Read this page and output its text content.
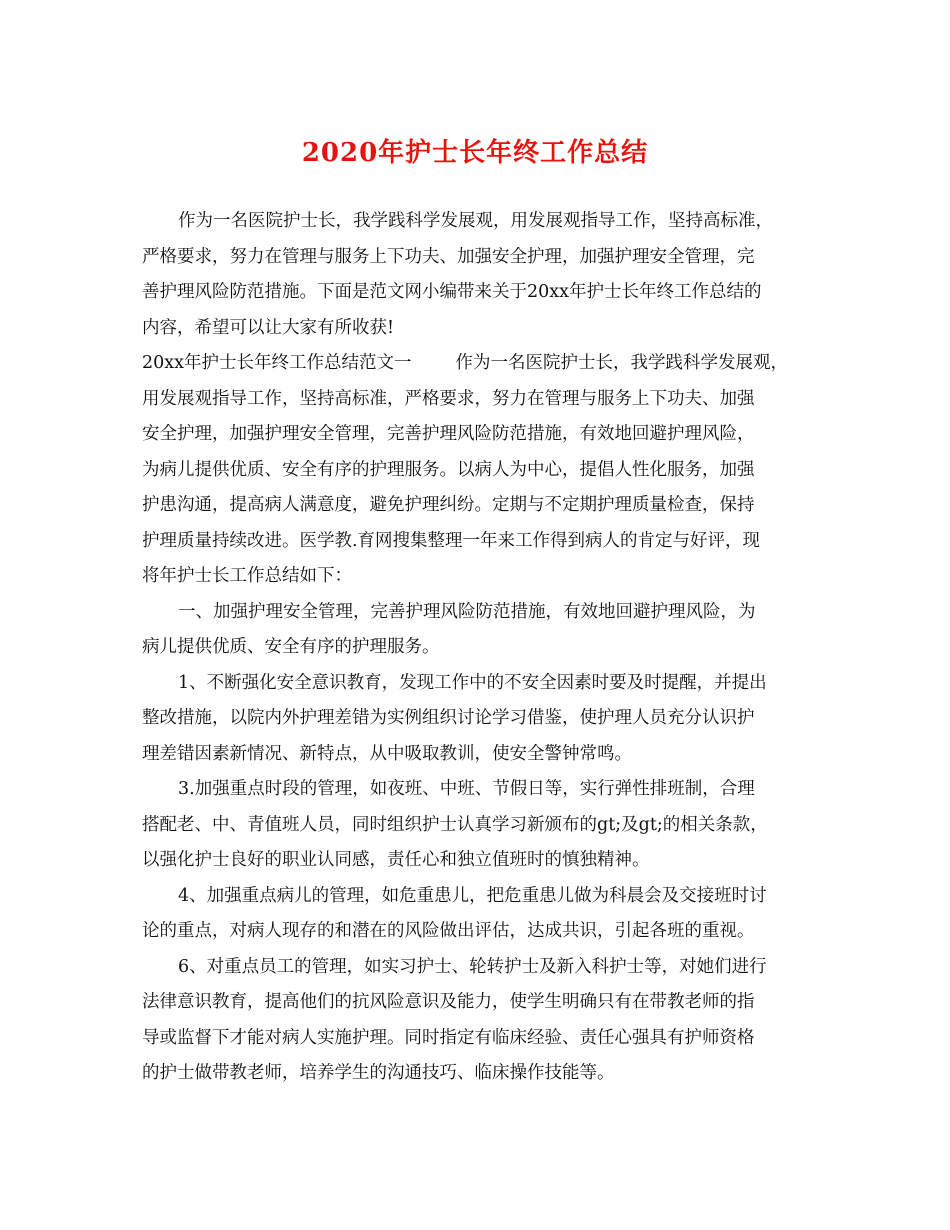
2020年护士长年终工作总结
作为一名医院护士长，我学践科学发展观，用发展观指导工作，坚持高标准，
严格要求，努力在管理与服务上下功夫、加强安全护理，加强护理安全管理，完
善护理风险防范措施。下面是范文网小编带来关于20xx年护士长年终工作总结的
内容，希望可以让大家有所收获!
20xx年护士长年终工作总结范文一	作为一名医院护士长，我学践科学发展观，
用发展观指导工作，坚持高标准，严格要求，努力在管理与服务上下功夫、加强
安全护理，加强护理安全管理，完善护理风险防范措施，有效地回避护理风险，
为病儿提供优质、安全有序的护理服务。以病人为中心，提倡人性化服务，加强
护患沟通，提高病人满意度，避免护理纠纷。定期与不定期护理质量检查，保持
护理质量持续改进。医学教.育网搜集整理一年来工作得到病人的肯定与好评，现
将年护士长工作总结如下：
一、加强护理安全管理，完善护理风险防范措施，有效地回避护理风险，为
病儿提供优质、安全有序的护理服务。
1、不断强化安全意识教育，发现工作中的不安全因素时要及时提醒，并提出
整改措施，以院内外护理差错为实例组织讨论学习借鉴，使护理人员充分认识护
理差错因素新情况、新特点，从中吸取教训，使安全警钟常鸣。
3.加强重点时段的管理，如夜班、中班、节假日等，实行弹性排班制，合理
搭配老、中、青值班人员，同时组织护士认真学习新颁布的gt;及gt;的相关条款，
以强化护士良好的职业认同感，责任心和独立值班时的慎独精神。
4、加强重点病儿的管理，如危重患儿，把危重患儿做为科晨会及交接班时讨
论的重点，对病人现存的和潜在的风险做出评估，达成共识，引起各班的重视。
6、对重点员工的管理，如实习护士、轮转护士及新入科护士等，对她们进行
法律意识教育，提高他们的抗风险意识及能力，使学生明确只有在带教老师的指
导或监督下才能对病人实施护理。同时指定有临床经验、责任心强具有护师资格
的护士做带教老师，培养学生的沟通技巧、临床操作技能等。
